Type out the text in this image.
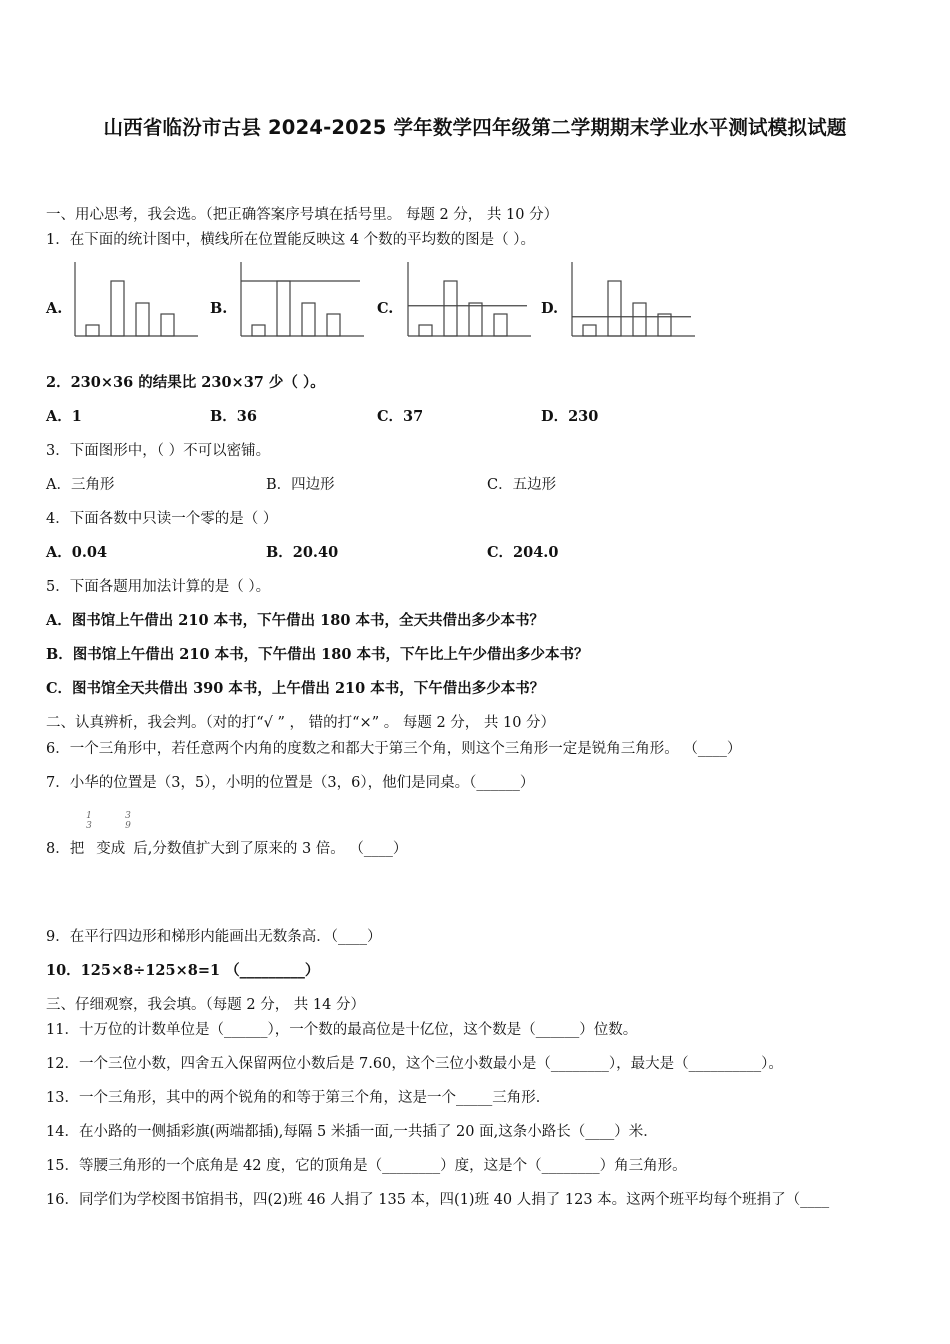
山西省临汾市古县 2024-2025 学年数学四年级第二学期期末学业水平测试模拟试题
一、用心思考，我会选。（把正确答案序号填在括号里。 每题 2 分， 共 10 分）
1．在下面的统计图中，横线所在位置能反映这 4 个数的平均数的图是（ ）。
A.	B.	C.	D.
2．230×36 的结果比 230×37 少（ ）。
A．1	B．36	C．37	D．230
3．下面图形中，（ ）不可以密铺。
A．三角形	B．四边形	C．五边形
4．下面各数中只读一个零的是（ ）
A．0.04	B．20.40	C．204.0
5．下面各题用加法计算的是（ ）。
A．图书馆上午借出 210 本书，下午借出 180 本书，全天共借出多少本书？
B．图书馆上午借出 210 本书，下午借出 180 本书，下午比上午少借出多少本书？
C．图书馆全天共借出 390 本书，上午借出 210 本书，下午借出多少本书？
二、认真辨析，我会判。（对的打“√ ” ， 错的打“×” 。 每题 2 分， 共 10 分）
6．一个三角形中，若任意两个内角的度数之和都大于第三个角，则这个三角形一定是锐角三角形。 （____）
7．小华的位置是（3，5），小明的位置是（3，6），他们是同桌。（______）
1
3
3
9
8．把 变成 后,分数值扩大到了原来的 3 倍。 （____）
9．在平行四边形和梯形内能画出无数条高．（____）
10．125×8÷125×8=1 （_________）
三、仔细观察，我会填。（每题 2 分， 共 14 分）
11．十万位的计数单位是（______），一个数的最高位是十亿位，这个数是（______）位数。
12．一个三位小数，四舍五入保留两位小数后是 7.60，这个三位小数最小是（________），最大是（__________）。
13．一个三角形，其中的两个锐角的和等于第三个角，这是一个_____三角形．
14．在小路的一侧插彩旗(两端都插),每隔 5 米插一面,一共插了 20 面,这条小路长（____）米．
15．等腰三角形的一个底角是 42 度，它的顶角是（________）度，这是个（________）角三角形。
16．同学们为学校图书馆捐书，四(2)班 46 人捐了 135 本，四(1)班 40 人捐了 123 本。这两个班平均每个班捐了（____
